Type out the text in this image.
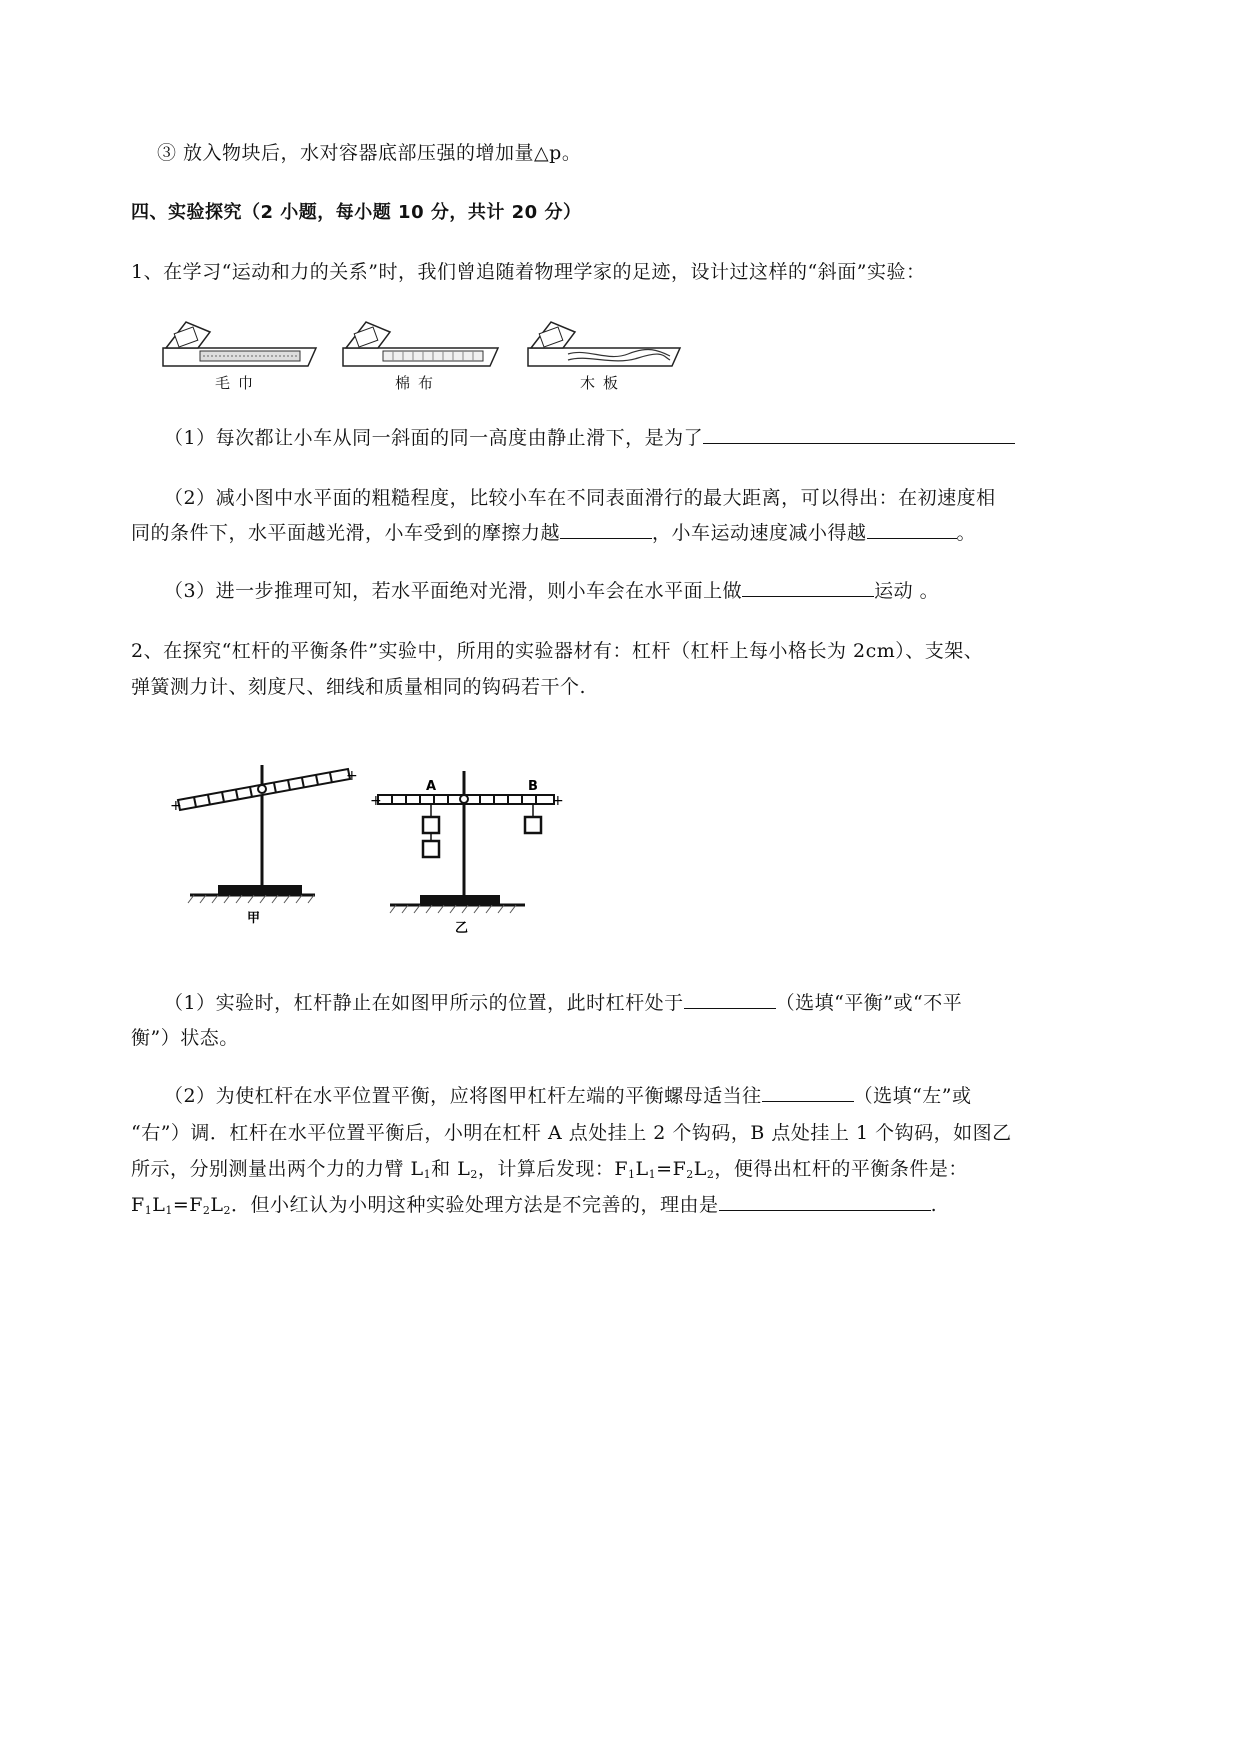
③ 放入物块后，水对容器底部压强的增加量△p。
四、实验探究（2 小题，每小题 10 分，共计 20 分）
1、在学习“运动和力的关系”时，我们曾追随着物理学家的足迹，设计过这样的“斜面”实验：
毛巾	棉布	木板
（1）每次都让小车从同一斜面的同一高度由静止滑下，是为了
（2）减小图中水平面的粗糙程度，比较小车在不同表面滑行的最大距离，可以得出：在初速度相
同的条件下，水平面越光滑，小车受到的摩擦力越	，小车运动速度减小得越	。
（3）进一步推理可知，若水平面绝对光滑，则小车会在水平面上做	运动 。
2、在探究“杠杆的平衡条件”实验中，所用的实验器材有：杠杆（杠杆上每小格长为 2cm）、支架、
弹簧测力计、刻度尺、细线和质量相同的钩码若干个.
+
+
+	+
A	B
甲
乙
（1）实验时，杠杆静止在如图甲所示的位置，此时杠杆处于	（选填“平衡”或“不平
衡”）状态。
（2）为使杠杆在水平位置平衡，应将图甲杠杆左端的平衡螺母适当往	（选填“左”或
“右”）调．杠杆在水平位置平衡后，小明在杠杆 A 点处挂上 2 个钩码，B 点处挂上 1 个钩码，如图乙
所示，分别测量出两个力的力臂 $L_1$和 $L_2$，计算后发现：$F_1L_1=F_2L_2$，便得出杠杆的平衡条件是：
$F_1L_1=F_2L_2$．但小红认为小明这种实验处理方法是不完善的，理由是	.
